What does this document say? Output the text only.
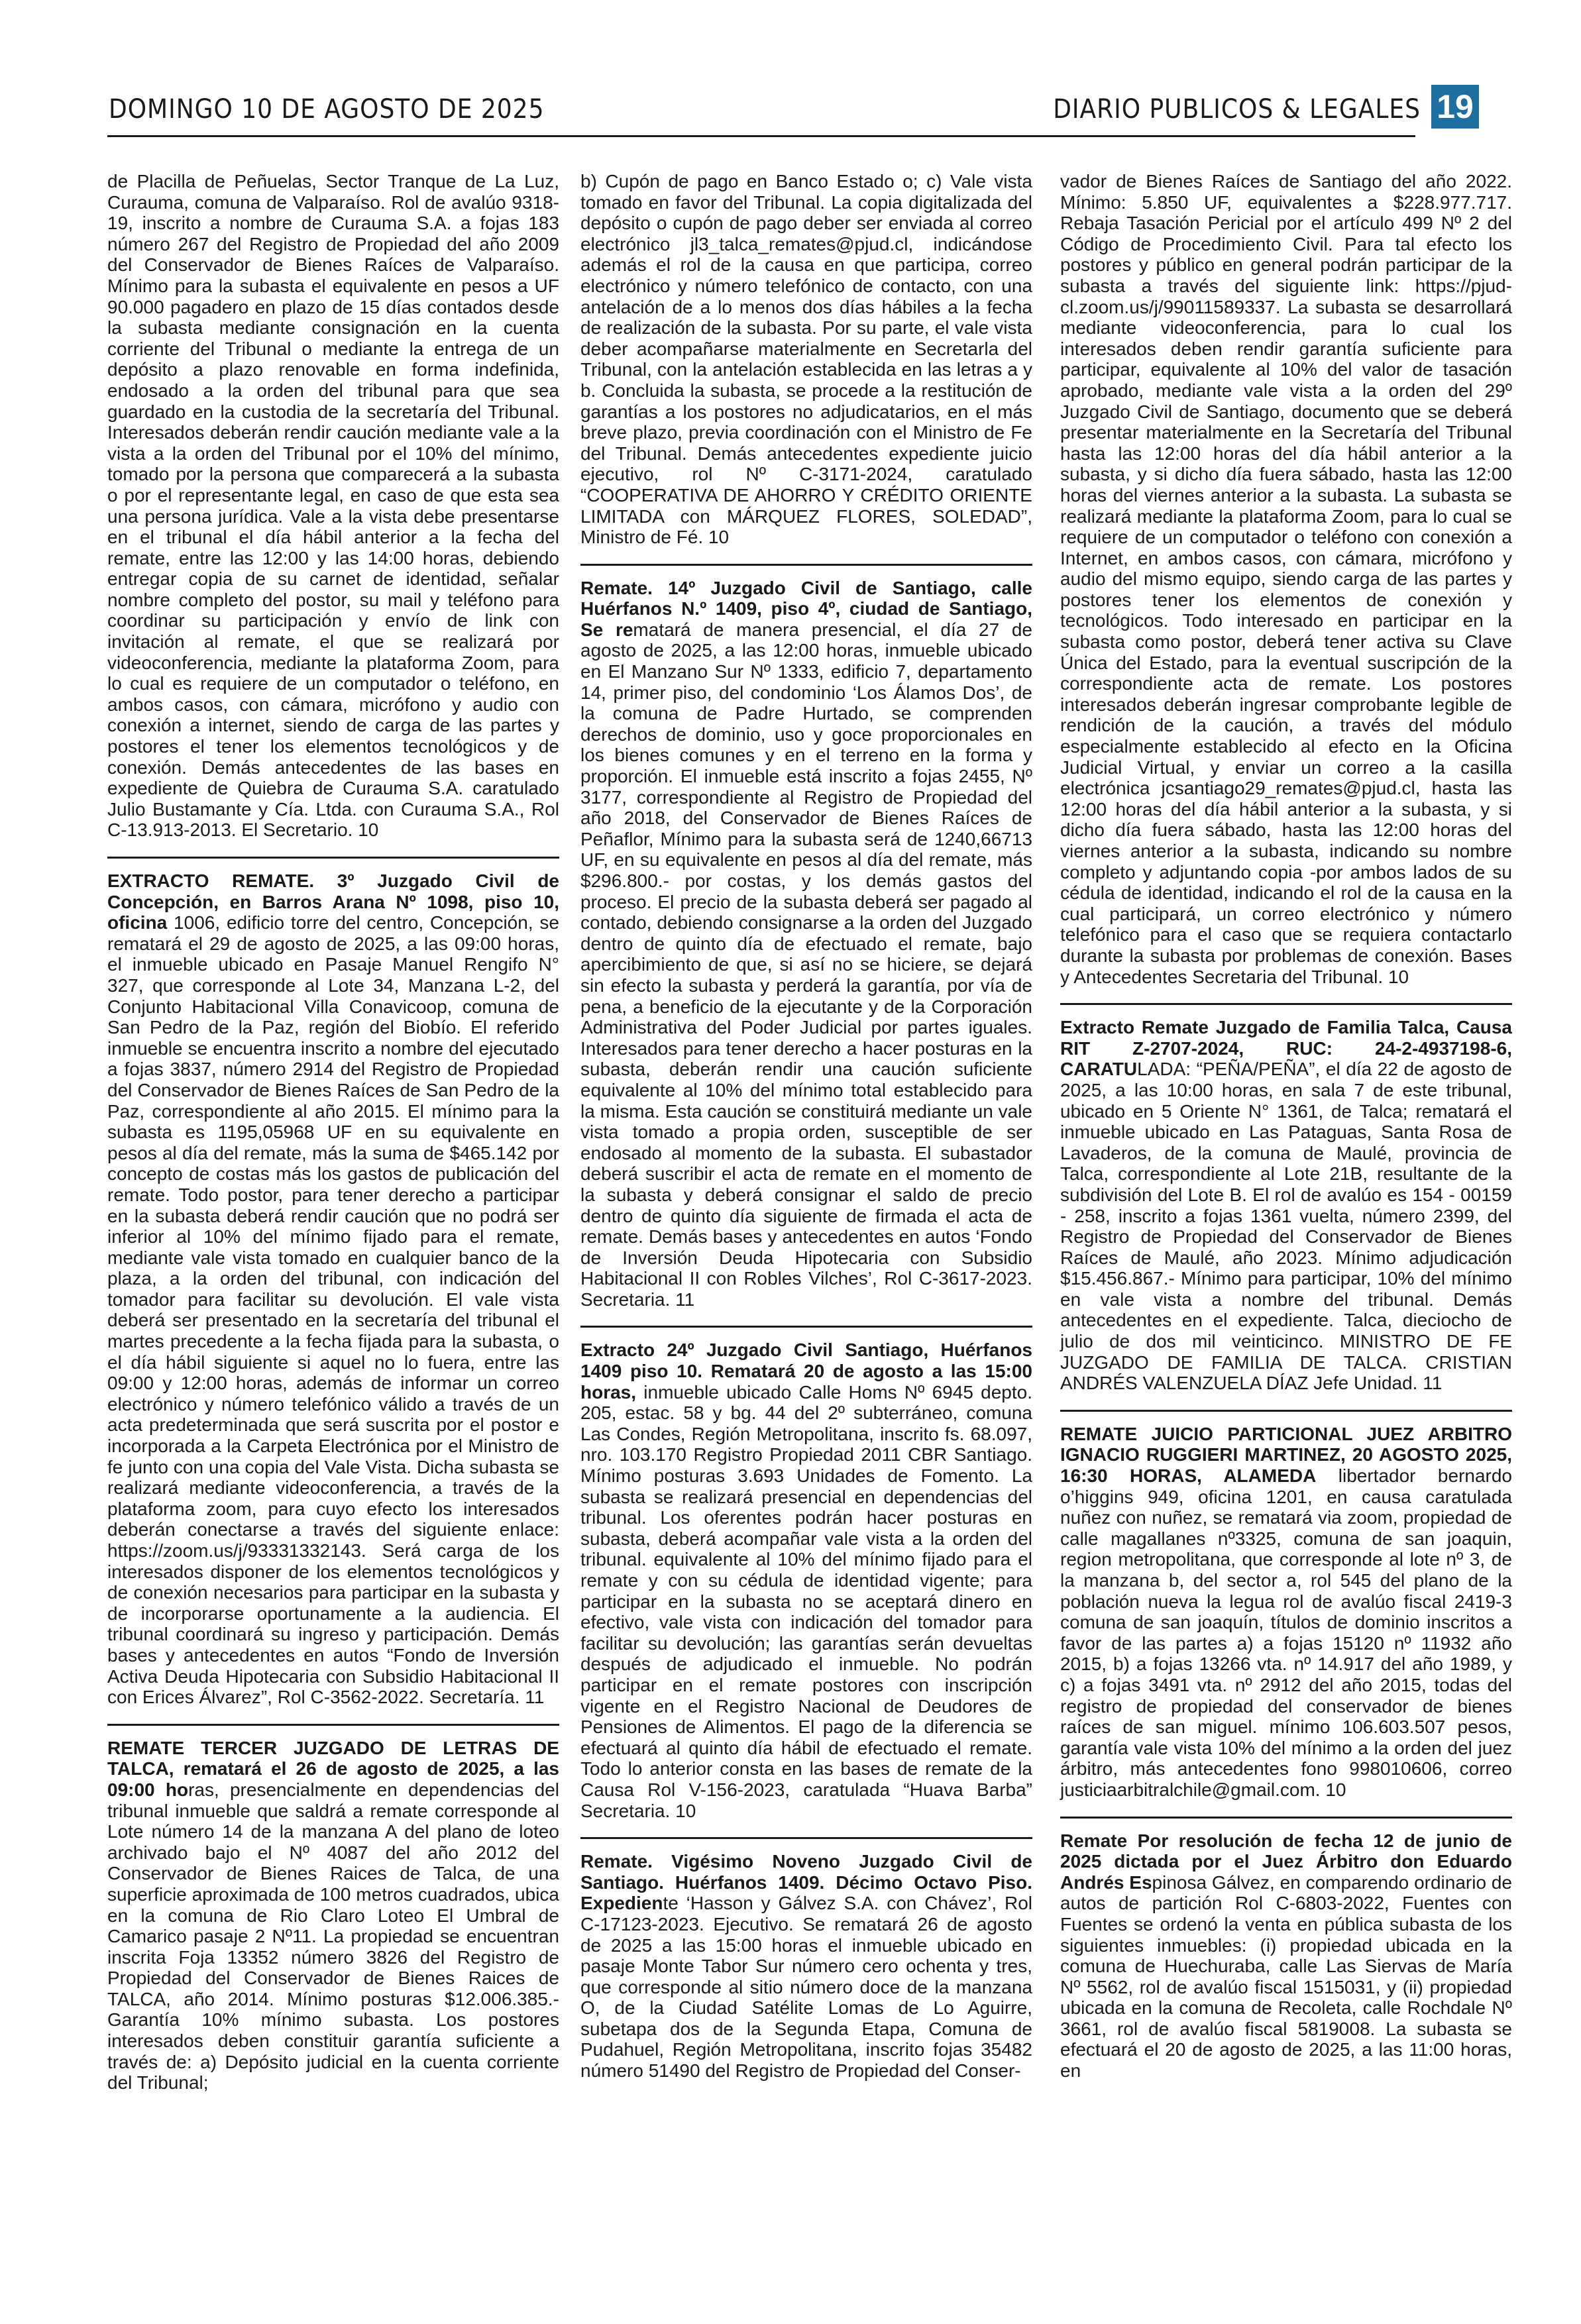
DOMINGO 10 DE AGOSTO DE 2025	DIARIO PUBLICOS & LEGALES 19

de Placilla de Peñuelas, Sector Tranque de La Luz, Curauma, comuna de Valparaíso. Rol de avalúo 9318-19, inscrito a nombre de Curauma S.A. a fojas 183 número 267 del Registro de Propiedad del año 2009 del Conservador de Bienes Raíces de Valparaíso. Mínimo para la subasta el equivalente en pesos a UF 90.000 pagadero en plazo de 15 días contados desde la subasta mediante consignación en la cuenta corriente del Tribunal o mediante la entrega de un depósito a plazo renovable en forma indefinida, endosado a la orden del tribunal para que sea guardado en la custodia de la secretaría del Tribunal. Interesados deberán rendir caución mediante vale a la vista a la orden del Tribunal por el 10% del mínimo, tomado por la persona que comparecerá a la subasta o por el representante legal, en caso de que esta sea una persona jurídica. Vale a la vista debe presentarse en el tribunal el día hábil anterior a la fecha del remate, entre las 12:00 y las 14:00 horas, debiendo entregar copia de su carnet de identidad, señalar nombre completo del postor, su mail y teléfono para coordinar su participación y envío de link con invitación al remate, el que se realizará por videoconferencia, mediante la plataforma Zoom, para lo cual es requiere de un computador o teléfono, en ambos casos, con cámara, micrófono y audio con conexión a internet, siendo de carga de las partes y postores el tener los elementos tecnológicos y de conexión. Demás antecedentes de las bases en expediente de Quiebra de Curauma S.A. caratulado Julio Bustamante y Cía. Ltda. con Curauma S.A., Rol C-13.913-2013. El Secretario. 10

EXTRACTO REMATE. 3º Juzgado Civil de Concepción, en Barros Arana Nº 1098, piso 10, oficina 1006, edificio torre del centro, Concepción, se rematará el 29 de agosto de 2025, a las 09:00 horas, el inmueble ubicado en Pasaje Manuel Rengifo N° 327, que corresponde al Lote 34, Manzana L-2, del Conjunto Habitacional Villa Conavicoop, comuna de San Pedro de la Paz, región del Biobío. El referido inmueble se encuentra inscrito a nombre del ejecutado a fojas 3837, número 2914 del Registro de Propiedad del Conservador de Bienes Raíces de San Pedro de la Paz, correspondiente al año 2015. El mínimo para la subasta es 1195,05968 UF en su equivalente en pesos al día del remate, más la suma de $465.142 por concepto de costas más los gastos de publicación del remate. Todo postor, para tener derecho a participar en la subasta deberá rendir caución que no podrá ser inferior al 10% del mínimo fijado para el remate, mediante vale vista tomado en cualquier banco de la plaza, a la orden del tribunal, con indicación del tomador para facilitar su devolución. El vale vista deberá ser presentado en la secretaría del tribunal el martes precedente a la fecha fijada para la subasta, o el día hábil siguiente si aquel no lo fuera, entre las 09:00 y 12:00 horas, además de informar un correo electrónico y número telefónico válido a través de un acta predeterminada que será suscrita por el postor e incorporada a la Carpeta Electrónica por el Ministro de fe junto con una copia del Vale Vista. Dicha subasta se realizará mediante videoconferencia, a través de la plataforma zoom, para cuyo efecto los interesados deberán conectarse a través del siguiente enlace: https://zoom.us/j/93331332143. Será carga de los interesados disponer de los elementos tecnológicos y de conexión necesarios para participar en la subasta y de incorporarse oportunamente a la audiencia. El tribunal coordinará su ingreso y participación. Demás bases y antecedentes en autos “Fondo de Inversión Activa Deuda Hipotecaria con Subsidio Habitacional II con Erices Álvarez”, Rol C-3562-2022. Secretaría. 11

REMATE TERCER JUZGADO DE LETRAS DE TALCA, rematará el 26 de agosto de 2025, a las 09:00 horas, presencialmente en dependencias del tribunal inmueble que saldrá a remate corresponde al Lote número 14 de la manzana A del plano de loteo archivado bajo el Nº 4087 del año 2012 del Conservador de Bienes Raices de Talca, de una superficie aproximada de 100 metros cuadrados, ubica en la comuna de Rio Claro Loteo El Umbral de Camarico pasaje 2 Nº11. La propiedad se encuentran inscrita Foja 13352 número 3826 del Registro de Propiedad del Conservador de Bienes Raices de TALCA, año 2014. Mínimo posturas $12.006.385.- Garantía 10% mínimo subasta. Los postores interesados deben constituir garantía suficiente a través de: a) Depósito judicial en la cuenta corriente del Tribunal;

b) Cupón de pago en Banco Estado o; c) Vale vista tomado en favor del Tribunal. La copia digitalizada del depósito o cupón de pago deber ser enviada al correo electrónico jl3_talca_remates@pjud.cl, indicándose además el rol de la causa en que participa, correo electrónico y número telefónico de contacto, con una antelación de a lo menos dos días hábiles a la fecha de realización de la subasta. Por su parte, el vale vista deber acompañarse materialmente en Secretarla del Tribunal, con la antelación establecida en las letras a y b. Concluida la subasta, se procede a la restitución de garantías a los postores no adjudicatarios, en el más breve plazo, previa coordinación con el Ministro de Fe del Tribunal. Demás antecedentes expediente juicio ejecutivo, rol Nº C-3171-2024, caratulado “COOPERATIVA DE AHORRO Y CRÉDITO ORIENTE LIMITADA con MÁRQUEZ FLORES, SOLEDAD”, Ministro de Fé. 10

Remate. 14º Juzgado Civil de Santiago, calle Huérfanos N.º 1409, piso 4º, ciudad de Santiago, Se rematará de manera presencial, el día 27 de agosto de 2025, a las 12:00 horas, inmueble ubicado en El Manzano Sur Nº 1333, edificio 7, departamento 14, primer piso, del condominio ‘Los Álamos Dos’, de la comuna de Padre Hurtado, se comprenden derechos de dominio, uso y goce proporcionales en los bienes comunes y en el terreno en la forma y proporción. El inmueble está inscrito a fojas 2455, Nº 3177, correspondiente al Registro de Propiedad del año 2018, del Conservador de Bienes Raíces de Peñaflor, Mínimo para la subasta será de 1240,66713 UF, en su equivalente en pesos al día del remate, más $296.800.- por costas, y los demás gastos del proceso. El precio de la subasta deberá ser pagado al contado, debiendo consignarse a la orden del Juzgado dentro de quinto día de efectuado el remate, bajo apercibimiento de que, si así no se hiciere, se dejará sin efecto la subasta y perderá la garantía, por vía de pena, a beneficio de la ejecutante y de la Corporación Administrativa del Poder Judicial por partes iguales. Interesados para tener derecho a hacer posturas en la subasta, deberán rendir una caución suficiente equivalente al 10% del mínimo total establecido para la misma. Esta caución se constituirá mediante un vale vista tomado a propia orden, susceptible de ser endosado al momento de la subasta. El subastador deberá suscribir el acta de remate en el momento de la subasta y deberá consignar el saldo de precio dentro de quinto día siguiente de firmada el acta de remate. Demás bases y antecedentes en autos ‘Fondo de Inversión Deuda Hipotecaria con Subsidio Habitacional II con Robles Vilches’, Rol C-3617-2023. Secretaria. 11

Extracto 24º Juzgado Civil Santiago, Huérfanos 1409 piso 10. Rematará 20 de agosto a las 15:00 horas, inmueble ubicado Calle Homs Nº 6945 depto. 205, estac. 58 y bg. 44 del 2º subterráneo, comuna Las Condes, Región Metropolitana, inscrito fs. 68.097, nro. 103.170 Registro Propiedad 2011 CBR Santiago. Mínimo posturas 3.693 Unidades de Fomento. La subasta se realizará presencial en dependencias del tribunal. Los oferentes podrán hacer posturas en subasta, deberá acompañar vale vista a la orden del tribunal. equivalente al 10% del mínimo fijado para el remate y con su cédula de identidad vigente; para participar en la subasta no se aceptará dinero en efectivo, vale vista con indicación del tomador para facilitar su devolución; las garantías serán devueltas después de adjudicado el inmueble. No podrán participar en el remate postores con inscripción vigente en el Registro Nacional de Deudores de Pensiones de Alimentos. El pago de la diferencia se efectuará al quinto día hábil de efectuado el remate. Todo lo anterior consta en las bases de remate de la Causa Rol V-156-2023, caratulada “Huava Barba” Secretaria. 10

Remate. Vigésimo Noveno Juzgado Civil de Santiago. Huérfanos 1409. Décimo Octavo Piso. Expediente ‘Hasson y Gálvez S.A. con Chávez’, Rol C-17123-2023. Ejecutivo. Se rematará 26 de agosto de 2025 a las 15:00 horas el inmueble ubicado en pasaje Monte Tabor Sur número cero ochenta y tres, que corresponde al sitio número doce de la manzana O, de la Ciudad Satélite Lomas de Lo Aguirre, subetapa dos de la Segunda Etapa, Comuna de Pudahuel, Región Metropolitana, inscrito fojas 35482 número 51490 del Registro de Propiedad del Conser-

vador de Bienes Raíces de Santiago del año 2022. Mínimo: 5.850 UF, equivalentes a $228.977.717. Rebaja Tasación Pericial por el artículo 499 Nº 2 del Código de Procedimiento Civil. Para tal efecto los postores y público en general podrán participar de la subasta a través del siguiente link: https://pjud-cl.zoom.us/j/99011589337. La subasta se desarrollará mediante videoconferencia, para lo cual los interesados deben rendir garantía suficiente para participar, equivalente al 10% del valor de tasación aprobado, mediante vale vista a la orden del 29º Juzgado Civil de Santiago, documento que se deberá presentar materialmente en la Secretaría del Tribunal hasta las 12:00 horas del día hábil anterior a la subasta, y si dicho día fuera sábado, hasta las 12:00 horas del viernes anterior a la subasta. La subasta se realizará mediante la plataforma Zoom, para lo cual se requiere de un computador o teléfono con conexión a Internet, en ambos casos, con cámara, micrófono y audio del mismo equipo, siendo carga de las partes y postores tener los elementos de conexión y tecnológicos. Todo interesado en participar en la subasta como postor, deberá tener activa su Clave Única del Estado, para la eventual suscripción de la correspondiente acta de remate. Los postores interesados deberán ingresar comprobante legible de rendición de la caución, a través del módulo especialmente establecido al efecto en la Oficina Judicial Virtual, y enviar un correo a la casilla electrónica jcsantiago29_remates@pjud.cl, hasta las 12:00 horas del día hábil anterior a la subasta, y si dicho día fuera sábado, hasta las 12:00 horas del viernes anterior a la subasta, indicando su nombre completo y adjuntando copia -por ambos lados de su cédula de identidad, indicando el rol de la causa en la cual participará, un correo electrónico y número telefónico para el caso que se requiera contactarlo durante la subasta por problemas de conexión. Bases y Antecedentes Secretaria del Tribunal. 10

Extracto Remate Juzgado de Familia Talca, Causa RIT Z-2707-2024, RUC: 24-2-4937198-6, CARATULADA: “PEÑA/PEÑA”, el día 22 de agosto de 2025, a las 10:00 horas, en sala 7 de este tribunal, ubicado en 5 Oriente N° 1361, de Talca; rematará el inmueble ubicado en Las Pataguas, Santa Rosa de Lavaderos, de la comuna de Maulé, provincia de Talca, correspondiente al Lote 21B, resultante de la subdivisión del Lote B. El rol de avalúo es 154 - 00159 - 258, inscrito a fojas 1361 vuelta, número 2399, del Registro de Propiedad del Conservador de Bienes Raíces de Maulé, año 2023. Mínimo adjudicación $15.456.867.- Mínimo para participar, 10% del mínimo en vale vista a nombre del tribunal. Demás antecedentes en el expediente. Talca, dieciocho de julio de dos mil veinticinco. MINISTRO DE FE JUZGADO DE FAMILIA DE TALCA. CRISTIAN ANDRÉS VALENZUELA DÍAZ Jefe Unidad. 11

REMATE JUICIO PARTICIONAL JUEZ ARBITRO IGNACIO RUGGIERI MARTINEZ, 20 AGOSTO 2025, 16:30 HORAS, ALAMEDA libertador bernardo o’higgins 949, oficina 1201, en causa caratulada nuñez con nuñez, se rematará via zoom, propiedad de calle magallanes nº3325, comuna de san joaquin, region metropolitana, que corresponde al lote nº 3, de la manzana b, del sector a, rol 545 del plano de la población nueva la legua rol de avalúo fiscal 2419-3 comuna de san joaquín, títulos de dominio inscritos a favor de las partes a) a fojas 15120 nº 11932 año 2015, b) a fojas 13266 vta. nº 14.917 del año 1989, y c) a fojas 3491 vta. nº 2912 del año 2015, todas del registro de propiedad del conservador de bienes raíces de san miguel. mínimo 106.603.507 pesos, garantía vale vista 10% del mínimo a la orden del juez árbitro, más antecedentes fono 998010606, correo justiciaarbitralchile@gmail.com. 10

Remate Por resolución de fecha 12 de junio de 2025 dictada por el Juez Árbitro don Eduardo Andrés Espinosa Gálvez, en comparendo ordinario de autos de partición Rol C-6803-2022, Fuentes con Fuentes se ordenó la venta en pública subasta de los siguientes inmuebles: (i) propiedad ubicada en la comuna de Huechuraba, calle Las Siervas de María Nº 5562, rol de avalúo fiscal 1515031, y (ii) propiedad ubicada en la comuna de Recoleta, calle Rochdale Nº 3661, rol de avalúo fiscal 5819008. La subasta se efectuará el 20 de agosto de 2025, a las 11:00 horas, en
